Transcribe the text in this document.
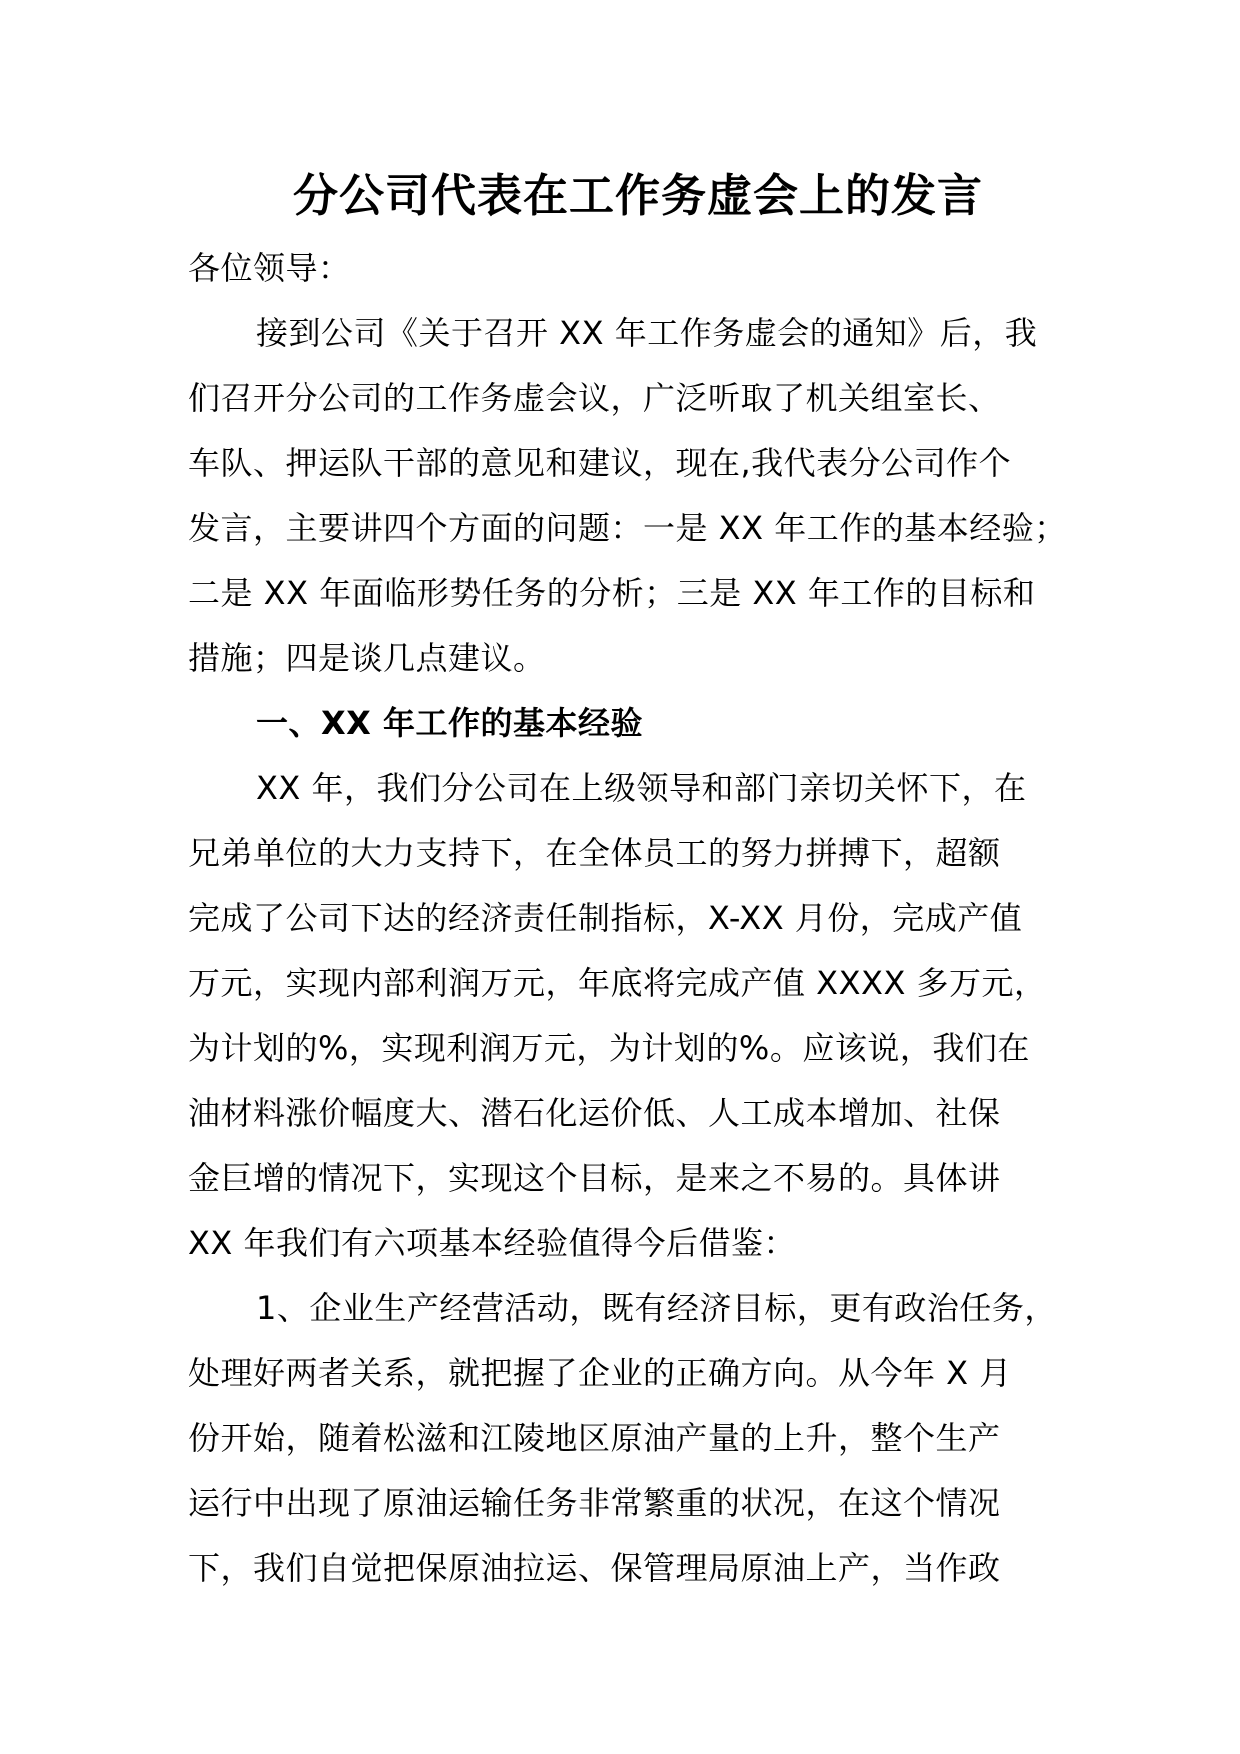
分公司代表在工作务虚会上的发言

各位领导：

接到公司《关于召开 XX 年工作务虚会的通知》后，我

们召开分公司的工作务虚会议，广泛听取了机关组室长、

车队、押运队干部的意见和建议，现在,我代表分公司作个

发言，主要讲四个方面的问题：一是 XX 年工作的基本经验；

二是 XX 年面临形势任务的分析；三是 XX 年工作的目标和

措施；四是谈几点建议。

一、XX 年工作的基本经验

XX 年，我们分公司在上级领导和部门亲切关怀下，在

兄弟单位的大力支持下，在全体员工的努力拼搏下，超额

完成了公司下达的经济责任制指标，X-XX 月份，完成产值

万元，实现内部利润万元，年底将完成产值 XXXX 多万元，

为计划的%，实现利润万元，为计划的%。应该说，我们在

油材料涨价幅度大、潜石化运价低、人工成本增加、社保

金巨增的情况下，实现这个目标，是来之不易的。具体讲

XX 年我们有六项基本经验值得今后借鉴：

1、企业生产经营活动，既有经济目标，更有政治任务，

处理好两者关系，就把握了企业的正确方向。从今年 X 月

份开始，随着松滋和江陵地区原油产量的上升，整个生产

运行中出现了原油运输任务非常繁重的状况，在这个情况

下，我们自觉把保原油拉运、保管理局原油上产，当作政
